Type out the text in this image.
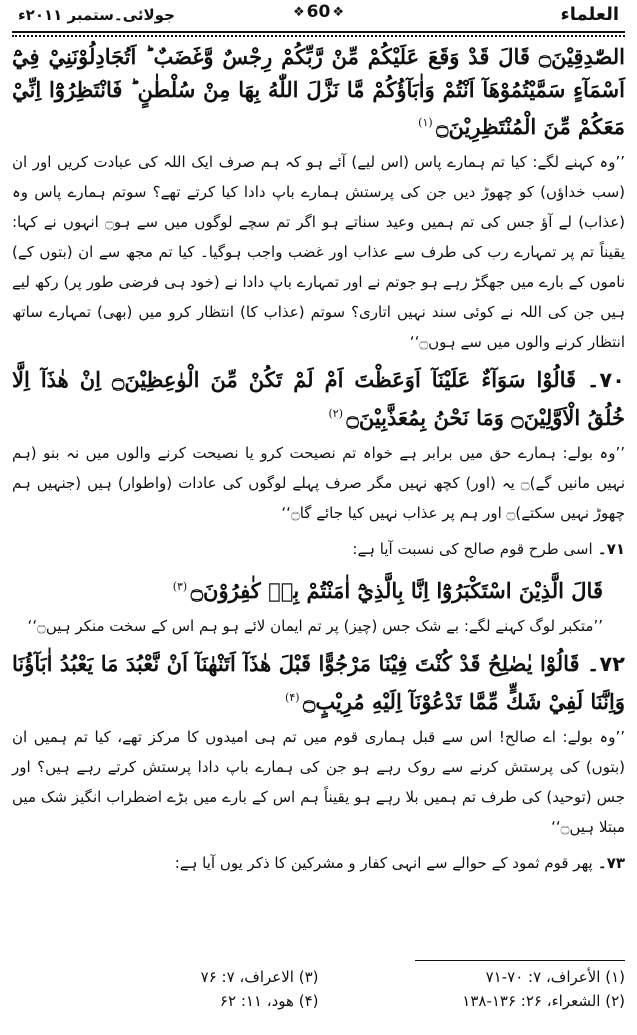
العلماء
❖ 60 ❖
جولائی۔ستمبر ۲۰۱۱ء

الصّٰدِقِيْنَ۝ قَالَ قَدْ وَقَعَ عَلَيْكُمْ مِّنْ رَّبِّكُمْ رِجْسٌ وَّغَضَبٌ ؕ اَتُجَادِلُوْنَنِيْ فِيْٓ اَسْمَآءٍ سَمَّيْتُمُوْهَآ اَنْتُمْ وَاٰبَآؤُكُمْ مَّا نَزَّلَ اللّٰهُ بِهَا مِنْ سُلْطٰنٍ ؕ فَانْتَظِرُوْٓا اِنِّيْ مَعَكُمْ مِّنَ الْمُنْتَظِرِيْنَ۝ $^{(۱)}$

’’وہ کہنے لگے: کیا تم ہمارے پاس (اس لیے) آئے ہو کہ ہم صرف ایک اللہ کی عبادت کریں اور ان (سب خداؤں) کو چھوڑ دیں جن کی پرستش ہمارے باپ دادا کیا کرتے تھے؟ سوتم ہمارے پاس وہ (عذاب) لے آؤ جس کی تم ہمیں وعید سناتے ہو اگر تم سچے لوگوں میں سے ہو۝ انہوں نے کہا: یقیناً تم پر تمہارے رب کی طرف سے عذاب اور غضب واجب ہوگیا۔ کیا تم مجھ سے ان (بتوں کے) ناموں کے بارے میں جھگڑ رہے ہو جوتم نے اور تمہارے باپ دادا نے (خود ہی فرضی طور پر) رکھ لیے ہیں جن کی اللہ نے کوئی سند نہیں اتاری؟ سوتم (عذاب کا) انتظار کرو میں (بھی) تمہارے ساتھ انتظار کرنے والوں میں سے ہوں۝‘‘

۷۰۔ قَالُوْا سَوَآءٌ عَلَيْنَآ اَوَعَظْتَ اَمْ لَمْ تَكُنْ مِّنَ الْوٰعِظِيْنَ۝ اِنْ هٰذَآ اِلَّا خُلُقُ الْاَوَّلِيْنَ۝ وَمَا نَحْنُ بِمُعَذَّبِيْنَ۝ $^{(۲)}$

’’وہ بولے: ہمارے حق میں برابر ہے خواہ تم نصیحت کرو یا نصیحت کرنے والوں میں نہ بنو (ہم نہیں مانیں گے)۝ یہ (اور) کچھ نہیں مگر صرف پہلے لوگوں کی عادات (واطوار) ہیں (جنہیں ہم چھوڑ نہیں سکتے)۝ اور ہم پر عذاب نہیں کیا جائے گا۝‘‘

۷۱۔ اسی طرح قوم صالح کی نسبت آیا ہے:

قَالَ الَّذِيْنَ اسْتَكْبَرُوْٓا اِنَّا بِالَّذِيْٓ اٰمَنْتُمْ بِهٖ كٰفِرُوْنَ۝ $^{(۳)}$

’’متکبر لوگ کہنے لگے: بے شک جس (چیز) پر تم ایمان لائے ہو ہم اس کے سخت منکر ہیں۝‘‘

۷۲۔ قَالُوْا يٰصٰلِحُ قَدْ كُنْتَ فِيْنَا مَرْجُوًّا قَبْلَ هٰذَآ اَتَنْهٰنَآ اَنْ نَّعْبُدَ مَا يَعْبُدُ اٰبَآؤُنَا وَاِنَّنَا لَفِيْ شَكٍّ مِّمَّا تَدْعُوْنَآ اِلَيْهِ مُرِيْبٍ۝ $^{(۴)}$

’’وہ بولے: اے صالح! اس سے قبل ہماری قوم میں تم ہی امیدوں کا مرکز تھے، کیا تم ہمیں ان (بتوں) کی پرستش کرنے سے روک رہے ہو جن کی ہمارے باپ دادا پرستش کرتے رہے ہیں؟ اور جس (توحید) کی طرف تم ہمیں بلا رہے ہو یقیناً ہم اس کے بارے میں بڑے اضطراب انگیز شک میں مبتلا ہیں۝‘‘

۷۳۔ پھر قوم ثمود کے حوالے سے انہی کفار و مشرکین کا ذکر یوں آیا ہے:

(۱) الأعراف، ۷: ۷۰-۷۱
(۳) الاعراف، ۷: ۷۶
(۲) الشعراء، ۲۶: ۱۳۶-۱۳۸
(۴) ھود، ۱۱: ۶۲
